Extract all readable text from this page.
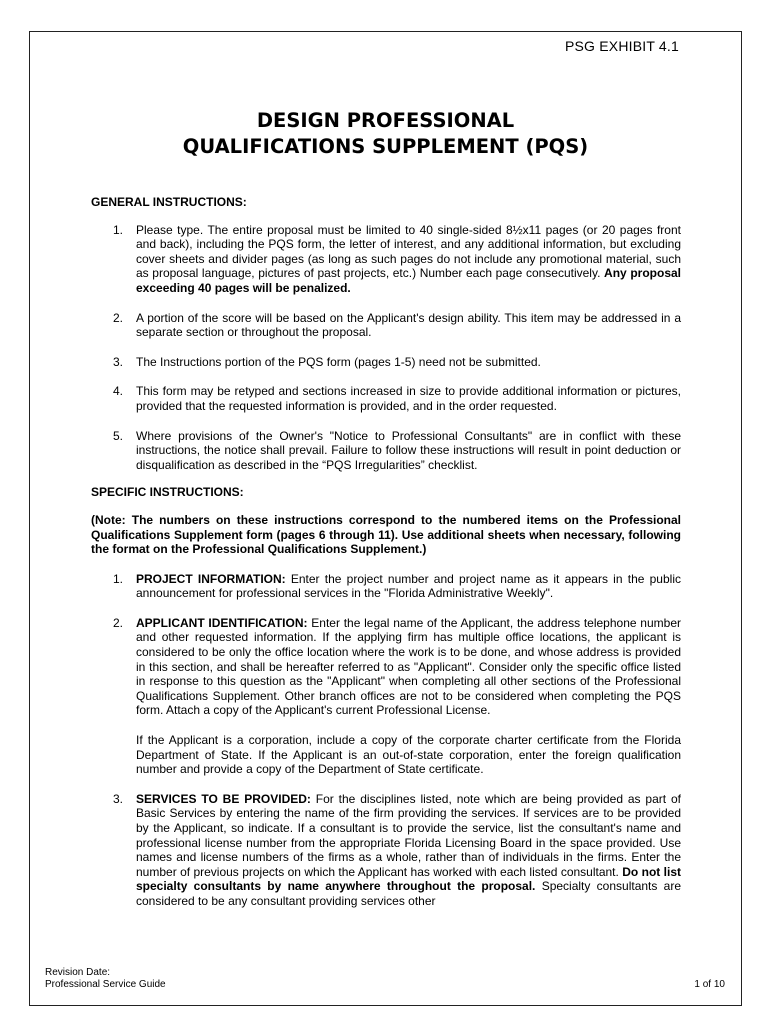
PSG EXHIBIT 4.1
DESIGN PROFESSIONAL
QUALIFICATIONS SUPPLEMENT (PQS)
GENERAL INSTRUCTIONS:
1. Please type. The entire proposal must be limited to 40 single-sided 8½x11 pages (or 20 pages front and back), including the PQS form, the letter of interest, and any additional information, but excluding cover sheets and divider pages (as long as such pages do not include any promotional material, such as proposal language, pictures of past projects, etc.) Number each page consecutively. Any proposal exceeding 40 pages will be penalized.
2. A portion of the score will be based on the Applicant's design ability. This item may be addressed in a separate section or throughout the proposal.
3. The Instructions portion of the PQS form (pages 1-5) need not be submitted.
4. This form may be retyped and sections increased in size to provide additional information or pictures, provided that the requested information is provided, and in the order requested.
5. Where provisions of the Owner's "Notice to Professional Consultants" are in conflict with these instructions, the notice shall prevail. Failure to follow these instructions will result in point deduction or disqualification as described in the “PQS Irregularities” checklist.
SPECIFIC INSTRUCTIONS:
(Note: The numbers on these instructions correspond to the numbered items on the Professional Qualifications Supplement form (pages 6 through 11). Use additional sheets when necessary, following the format on the Professional Qualifications Supplement.)
1. PROJECT INFORMATION: Enter the project number and project name as it appears in the public announcement for professional services in the "Florida Administrative Weekly".
2. APPLICANT IDENTIFICATION: Enter the legal name of the Applicant, the address telephone number and other requested information. If the applying firm has multiple office locations, the applicant is considered to be only the office location where the work is to be done, and whose address is provided in this section, and shall be hereafter referred to as "Applicant". Consider only the specific office listed in response to this question as the "Applicant" when completing all other sections of the Professional Qualifications Supplement. Other branch offices are not to be considered when completing the PQS form. Attach a copy of the Applicant's current Professional License.
If the Applicant is a corporation, include a copy of the corporate charter certificate from the Florida Department of State. If the Applicant is an out-of-state corporation, enter the foreign qualification number and provide a copy of the Department of State certificate.
3. SERVICES TO BE PROVIDED: For the disciplines listed, note which are being provided as part of Basic Services by entering the name of the firm providing the services. If services are to be provided by the Applicant, so indicate. If a consultant is to provide the service, list the consultant's name and professional license number from the appropriate Florida Licensing Board in the space provided. Use names and license numbers of the firms as a whole, rather than of individuals in the firms. Enter the number of previous projects on which the Applicant has worked with each listed consultant. Do not list specialty consultants by name anywhere throughout the proposal. Specialty consultants are considered to be any consultant providing services other
Revision Date:
Professional Service Guide	1 of 10
